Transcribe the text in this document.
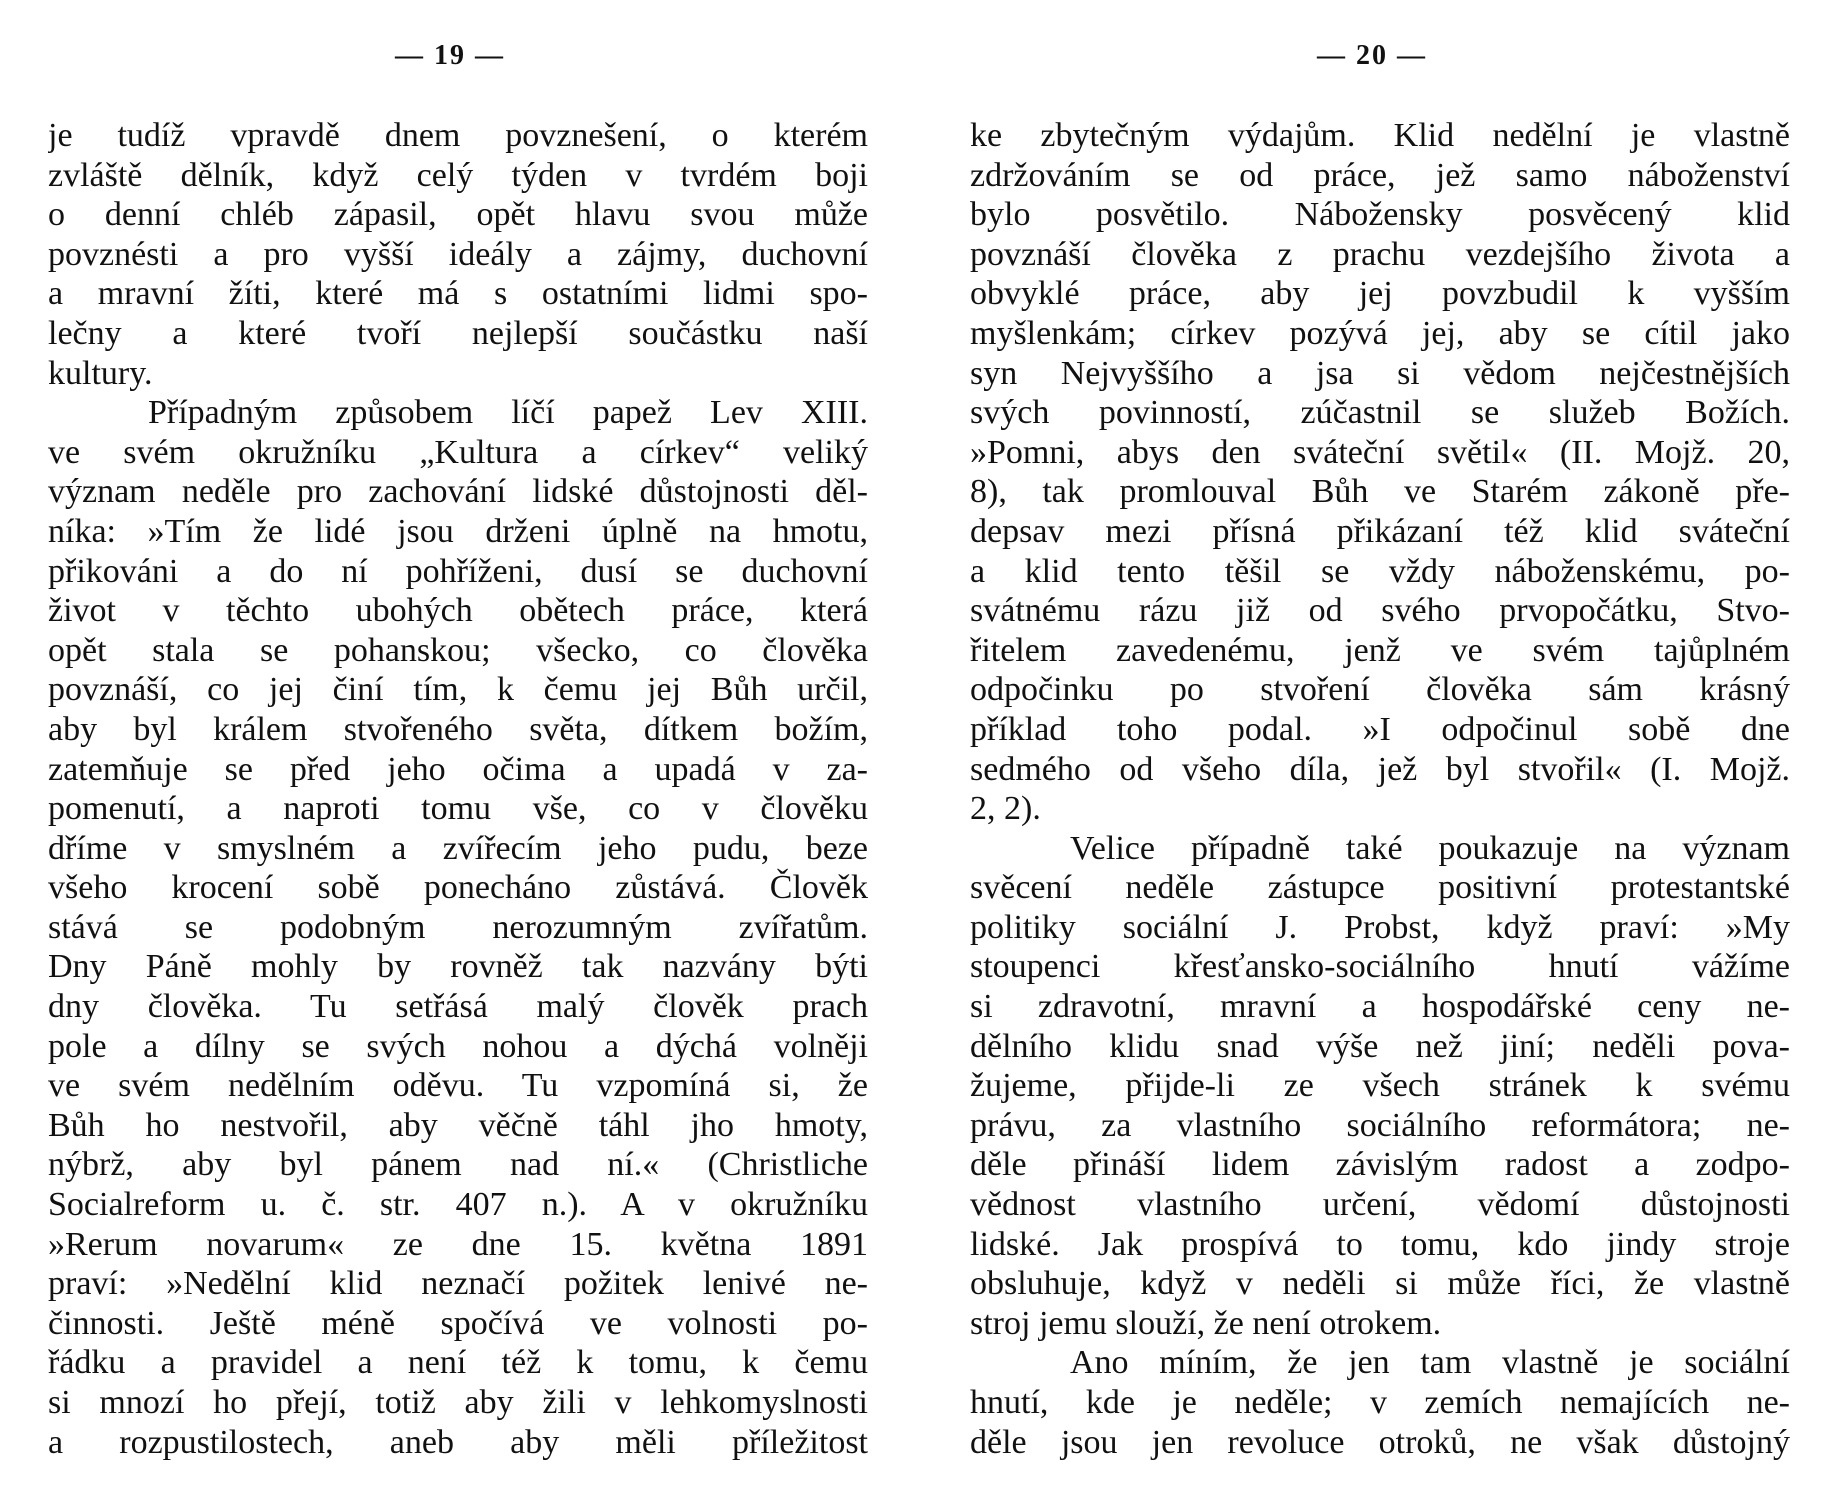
— 19 —
je tudíž vpravdě dnem povznešení, o kterém
zvláště dělník, když celý týden v tvrdém boji
o denní chléb zápasil, opět hlavu svou může
povznésti a pro vyšší ideály a zájmy, duchovní
a mravní žíti, které má s ostatními lidmi spo-
lečny a které tvoří nejlepší součástku naší
kultury.
Případným způsobem líčí papež Lev XIII.
ve svém okružníku „Kultura a církev“ veliký
význam neděle pro zachování lidské důstojnosti děl-
níka: »Tím že lidé jsou drženi úplně na hmotu,
přikováni a do ní pohříženi, dusí se duchovní
život v těchto ubohých obětech práce, která
opět stala se pohanskou; všecko, co člověka
povznáší, co jej činí tím, k čemu jej Bůh určil,
aby byl králem stvořeného světa, dítkem božím,
zatemňuje se před jeho očima a upadá v za-
pomenutí, a naproti tomu vše, co v člověku
dříme v smyslném a zvířecím jeho pudu, beze
všeho krocení sobě ponecháno zůstává. Člověk
stává se podobným nerozumným zvířatům.
Dny Páně mohly by rovněž tak nazvány býti
dny člověka. Tu setřásá malý člověk prach
pole a dílny se svých nohou a dýchá volněji
ve svém nedělním oděvu. Tu vzpomíná si, že
Bůh ho nestvořil, aby věčně táhl jho hmoty,
nýbrž, aby byl pánem nad ní.« (Christliche
Socialreform u. č. str. 407 n.). A v okružníku
»Rerum novarum« ze dne 15. května 1891
praví: »Nedělní klid neznačí požitek lenivé ne-
činnosti. Ještě méně spočívá ve volnosti po-
řádku a pravidel a není též k tomu, k čemu
si mnozí ho přejí, totiž aby žili v lehkomyslnosti
a rozpustilostech, aneb aby měli příležitost
— 20 —
ke zbytečným výdajům. Klid nedělní je vlastně
zdržováním se od práce, jež samo náboženství
bylo posvětilo. Nábožensky posvěcený klid
povznáší člověka z prachu vezdejšího života a
obvyklé práce, aby jej povzbudil k vyšším
myšlenkám; církev pozývá jej, aby se cítil jako
syn Nejvyššího a jsa si vědom nejčestnějších
svých povinností, zúčastnil se služeb Božích.
»Pomni, abys den sváteční světil« (II. Mojž. 20,
8), tak promlouval Bůh ve Starém zákoně pře-
depsav mezi přísná přikázaní též klid sváteční
a klid tento těšil se vždy náboženskému, po-
svátnému rázu již od svého prvopočátku, Stvo-
řitelem zavedenému, jenž ve svém tajůplném
odpočinku po stvoření člověka sám krásný
příklad toho podal. »I odpočinul sobě dne
sedmého od všeho díla, jež byl stvořil« (I. Mojž.
2, 2).
Velice případně také poukazuje na význam
svěcení neděle zástupce positivní protestantské
politiky sociální J. Probst, když praví: »My
stoupenci křesťansko-sociálního hnutí vážíme
si zdravotní, mravní a hospodářské ceny ne-
dělního klidu snad výše než jiní; neděli pova-
žujeme, přijde-li ze všech stránek k svému
právu, za vlastního sociálního reformátora; ne-
děle přináší lidem závislým radost a zodpo-
vědnost vlastního určení, vědomí důstojnosti
lidské. Jak prospívá to tomu, kdo jindy stroje
obsluhuje, když v neděli si může říci, že vlastně
stroj jemu slouží, že není otrokem.
Ano míním, že jen tam vlastně je sociální
hnutí, kde je neděle; v zemích nemajících ne-
děle jsou jen revoluce otroků, ne však důstojný
